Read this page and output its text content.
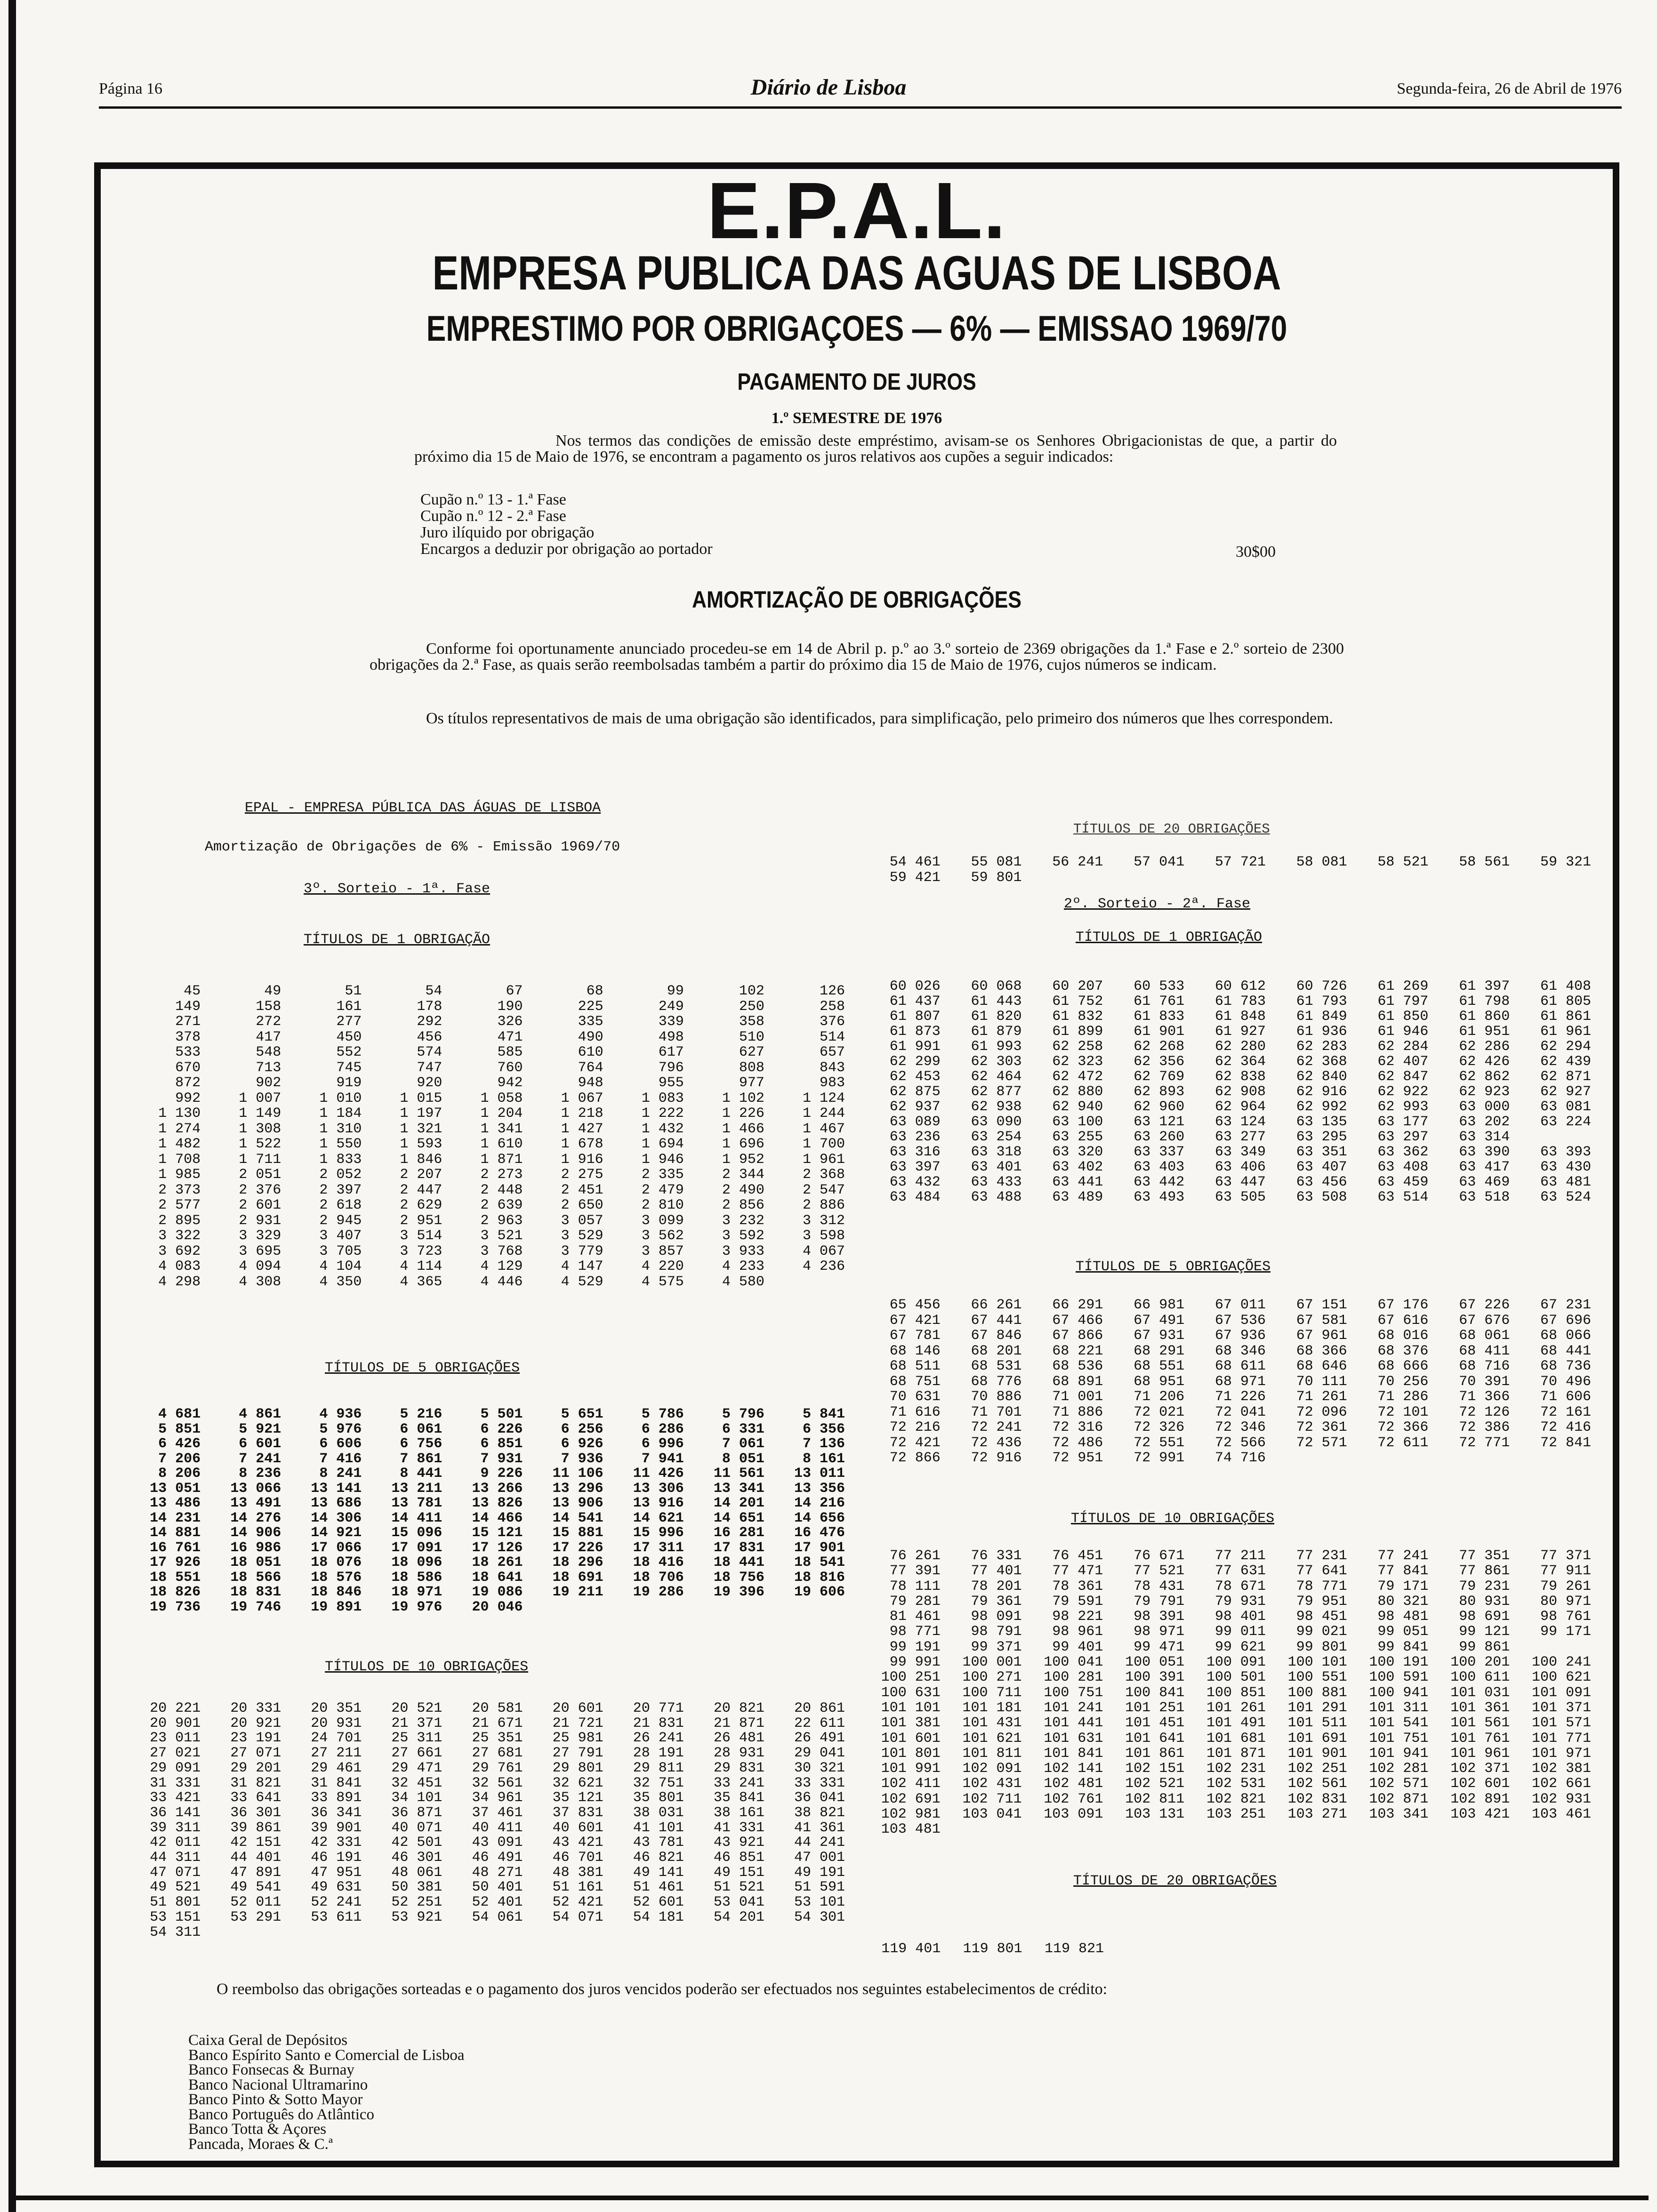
Página 16	Diário de Lisboa	Segunda-feira, 26 de Abril de 1976
E.P.A.L.
EMPRESA PUBLICA DAS AGUAS DE LISBOA
EMPRESTIMO POR OBRIGAÇOES — 6% — EMISSAO 1969/70
PAGAMENTO DE JUROS
1.º SEMESTRE DE 1976
Nos termos das condições de emissão deste empréstimo, avisam-se os Senhores Obrigacionistas de que, a partir do próximo dia 15 de Maio de 1976, se encontram a pagamento os juros relativos aos cupões a seguir indicados:
Cupão n.º 13 - 1.ª Fase
Cupão n.º 12 - 2.ª Fase
Juro ilíquido por obrigação
Encargos a deduzir por obrigação ao portador	30$00
AMORTIZAÇÃO DE OBRIGAÇÕES
Conforme foi oportunamente anunciado procedeu-se em 14 de Abril p. p.º ao 3.º sorteio de 2369 obrigações da 1.ª Fase e 2.º sorteio de 2300 obrigações da 2.ª Fase, as quais serão reembolsadas também a partir do próximo dia 15 de Maio de 1976, cujos números se indicam.
Os títulos representativos de mais de uma obrigação são identificados, para simplificação, pelo primeiro dos números que lhes correspondem.
EPAL - EMPRESA PÚBLICA DAS ÁGUAS DE LISBOA
Amortização de Obrigações de 6% - Emissão 1969/70
3º. Sorteio - 1ª. Fase
TÍTULOS DE 1 OBRIGAÇÃO
45	49	51	54	67	68	99	102	126
149	158	161	178	190	225	249	250	258
271	272	277	292	326	335	339	358	376
378	417	450	456	471	490	498	510	514
533	548	552	574	585	610	617	627	657
670	713	745	747	760	764	796	808	843
872	902	919	920	942	948	955	977	983
992	1 007	1 010	1 015	1 058	1 067	1 083	1 102	1 124
1 130	1 149	1 184	1 197	1 204	1 218	1 222	1 226	1 244
1 274	1 308	1 310	1 321	1 341	1 427	1 432	1 466	1 467
1 482	1 522	1 550	1 593	1 610	1 678	1 694	1 696	1 700
1 708	1 711	1 833	1 846	1 871	1 916	1 946	1 952	1 961
1 985	2 051	2 052	2 207	2 273	2 275	2 335	2 344	2 368
2 373	2 376	2 397	2 447	2 448	2 451	2 479	2 490	2 547
2 577	2 601	2 618	2 629	2 639	2 650	2 810	2 856	2 886
2 895	2 931	2 945	2 951	2 963	3 057	3 099	3 232	3 312
3 322	3 329	3 407	3 514	3 521	3 529	3 562	3 592	3 598
3 692	3 695	3 705	3 723	3 768	3 779	3 857	3 933	4 067
4 083	4 094	4 104	4 114	4 129	4 147	4 220	4 233	4 236
4 298	4 308	4 350	4 365	4 446	4 529	4 575	4 580
TÍTULOS DE 5 OBRIGAÇÕES
4 681	4 861	4 936	5 216	5 501	5 651	5 786	5 796	5 841
5 851	5 921	5 976	6 061	6 226	6 256	6 286	6 331	6 356
6 426	6 601	6 606	6 756	6 851	6 926	6 996	7 061	7 136
7 206	7 241	7 416	7 861	7 931	7 936	7 941	8 051	8 161
8 206	8 236	8 241	8 441	9 226	11 106	11 426	11 561	13 011
13 051	13 066	13 141	13 211	13 266	13 296	13 306	13 341	13 356
13 486	13 491	13 686	13 781	13 826	13 906	13 916	14 201	14 216
14 231	14 276	14 306	14 411	14 466	14 541	14 621	14 651	14 656
14 881	14 906	14 921	15 096	15 121	15 881	15 996	16 281	16 476
16 761	16 986	17 066	17 091	17 126	17 226	17 311	17 831	17 901
17 926	18 051	18 076	18 096	18 261	18 296	18 416	18 441	18 541
18 551	18 566	18 576	18 586	18 641	18 691	18 706	18 756	18 816
18 826	18 831	18 846	18 971	19 086	19 211	19 286	19 396	19 606
19 736	19 746	19 891	19 976	20 046
TÍTULOS DE 10 OBRIGAÇÕES
20 221	20 331	20 351	20 521	20 581	20 601	20 771	20 821	20 861
20 901	20 921	20 931	21 371	21 671	21 721	21 831	21 871	22 611
23 011	23 191	24 701	25 311	25 351	25 981	26 241	26 481	26 491
27 021	27 071	27 211	27 661	27 681	27 791	28 191	28 931	29 041
29 091	29 201	29 461	29 471	29 761	29 801	29 811	29 831	30 321
31 331	31 821	31 841	32 451	32 561	32 621	32 751	33 241	33 331
33 421	33 641	33 891	34 101	34 961	35 121	35 801	35 841	36 041
36 141	36 301	36 341	36 871	37 461	37 831	38 031	38 161	38 821
39 311	39 861	39 901	40 071	40 411	40 601	41 101	41 331	41 361
42 011	42 151	42 331	42 501	43 091	43 421	43 781	43 921	44 241
44 311	44 401	46 191	46 301	46 491	46 701	46 821	46 851	47 001
47 071	47 891	47 951	48 061	48 271	48 381	49 141	49 151	49 191
49 521	49 541	49 631	50 381	50 401	51 161	51 461	51 521	51 591
51 801	52 011	52 241	52 251	52 401	52 421	52 601	53 041	53 101
53 151	53 291	53 611	53 921	54 061	54 071	54 181	54 201	54 301
54 311
TÍTULOS DE 20 OBRIGAÇÕES
54 461	55 081	56 241	57 041	57 721	58 081	58 521	58 561	59 321
59 421	59 801
2º. Sorteio - 2ª. Fase
TÍTULOS DE 1 OBRIGAÇÃO
60 026	60 068	60 207	60 533	60 612	60 726	61 269	61 397	61 408
61 437	61 443	61 752	61 761	61 783	61 793	61 797	61 798	61 805
61 807	61 820	61 832	61 833	61 848	61 849	61 850	61 860	61 861
61 873	61 879	61 899	61 901	61 927	61 936	61 946	61 951	61 961
61 991	61 993	62 258	62 268	62 280	62 283	62 284	62 286	62 294
62 299	62 303	62 323	62 356	62 364	62 368	62 407	62 426	62 439
62 453	62 464	62 472	62 769	62 838	62 840	62 847	62 862	62 871
62 875	62 877	62 880	62 893	62 908	62 916	62 922	62 923	62 927
62 937	62 938	62 940	62 960	62 964	62 992	62 993	63 000	63 081
63 089	63 090	63 100	63 121	63 124	63 135	63 177	63 202	63 224
63 236	63 254	63 255	63 260	63 277	63 295	63 297	63 314
63 316	63 318	63 320	63 337	63 349	63 351	63 362	63 390	63 393
63 397	63 401	63 402	63 403	63 406	63 407	63 408	63 417	63 430
63 432	63 433	63 441	63 442	63 447	63 456	63 459	63 469	63 481
63 484	63 488	63 489	63 493	63 505	63 508	63 514	63 518	63 524
TÍTULOS DE 5 OBRIGAÇÕES
65 456	66 261	66 291	66 981	67 011	67 151	67 176	67 226	67 231
67 421	67 441	67 466	67 491	67 536	67 581	67 616	67 676	67 696
67 781	67 846	67 866	67 931	67 936	67 961	68 016	68 061	68 066
68 146	68 201	68 221	68 291	68 346	68 366	68 376	68 411	68 441
68 511	68 531	68 536	68 551	68 611	68 646	68 666	68 716	68 736
68 751	68 776	68 891	68 951	68 971	70 111	70 256	70 391	70 496
70 631	70 886	71 001	71 206	71 226	71 261	71 286	71 366	71 606
71 616	71 701	71 886	72 021	72 041	72 096	72 101	72 126	72 161
72 216	72 241	72 316	72 326	72 346	72 361	72 366	72 386	72 416
72 421	72 436	72 486	72 551	72 566	72 571	72 611	72 771	72 841
72 866	72 916	72 951	72 991	74 716
TÍTULOS DE 10 OBRIGAÇÕES
76 261	76 331	76 451	76 671	77 211	77 231	77 241	77 351	77 371
77 391	77 401	77 471	77 521	77 631	77 641	77 841	77 861	77 911
78 111	78 201	78 361	78 431	78 671	78 771	79 171	79 231	79 261
79 281	79 361	79 591	79 791	79 931	79 951	80 321	80 931	80 971
81 461	98 091	98 221	98 391	98 401	98 451	98 481	98 691	98 761
98 771	98 791	98 961	98 971	99 011	99 021	99 051	99 121	99 171
99 191	99 371	99 401	99 471	99 621	99 801	99 841	99 861
99 991	100 001	100 041	100 051	100 091	100 101	100 191	100 201	100 241
100 251	100 271	100 281	100 391	100 501	100 551	100 591	100 611	100 621
100 631	100 711	100 751	100 841	100 851	100 881	100 941	101 031	101 091
101 101	101 181	101 241	101 251	101 261	101 291	101 311	101 361	101 371
101 381	101 431	101 441	101 451	101 491	101 511	101 541	101 561	101 571
101 601	101 621	101 631	101 641	101 681	101 691	101 751	101 761	101 771
101 801	101 811	101 841	101 861	101 871	101 901	101 941	101 961	101 971
101 991	102 091	102 141	102 151	102 231	102 251	102 281	102 371	102 381
102 411	102 431	102 481	102 521	102 531	102 561	102 571	102 601	102 661
102 691	102 711	102 761	102 811	102 821	102 831	102 871	102 891	102 931
102 981	103 041	103 091	103 131	103 251	103 271	103 341	103 421	103 461
103 481
TÍTULOS DE 20 OBRIGAÇÕES
119 401	119 801	119 821
O reembolso das obrigações sorteadas e o pagamento dos juros vencidos poderão ser efectuados nos seguintes estabelecimentos de crédito:
Caixa Geral de Depósitos
Banco Espírito Santo e Comercial de Lisboa
Banco Fonsecas & Burnay
Banco Nacional Ultramarino
Banco Pinto & Sotto Mayor
Banco Português do Atlântico
Banco Totta & Açores
Pancada, Moraes & C.ª
